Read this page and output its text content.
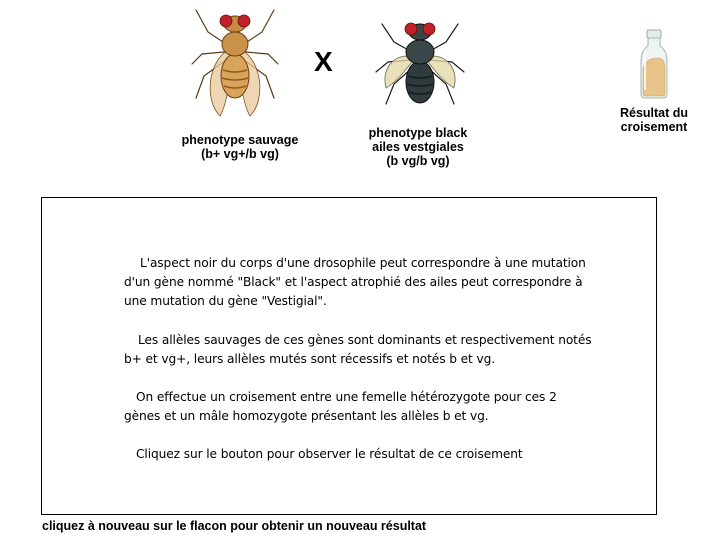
phenotype sauvage
(b+ vg+/b vg)
X
phenotype black
ailes vestgiales
(b vg/b vg)
Résultat du
croisement

L'aspect noir du corps d'une drosophile peut correspondre à une mutation

d'un gène nommé "Black" et l'aspect atrophié des ailes peut correspondre à

une mutation du gène "Vestigial".

Les allèles sauvages de ces gènes sont dominants et respectivement notés

b+ et vg+, leurs allèles mutés sont récessifs et notés b et vg.

On effectue un croisement entre une femelle hétérozygote pour ces 2

gènes et un mâle homozygote présentant les allèles b et vg.

Cliquez sur le bouton pour observer le résultat de ce croisement

cliquez à nouveau sur le flacon pour obtenir un nouveau résultat
